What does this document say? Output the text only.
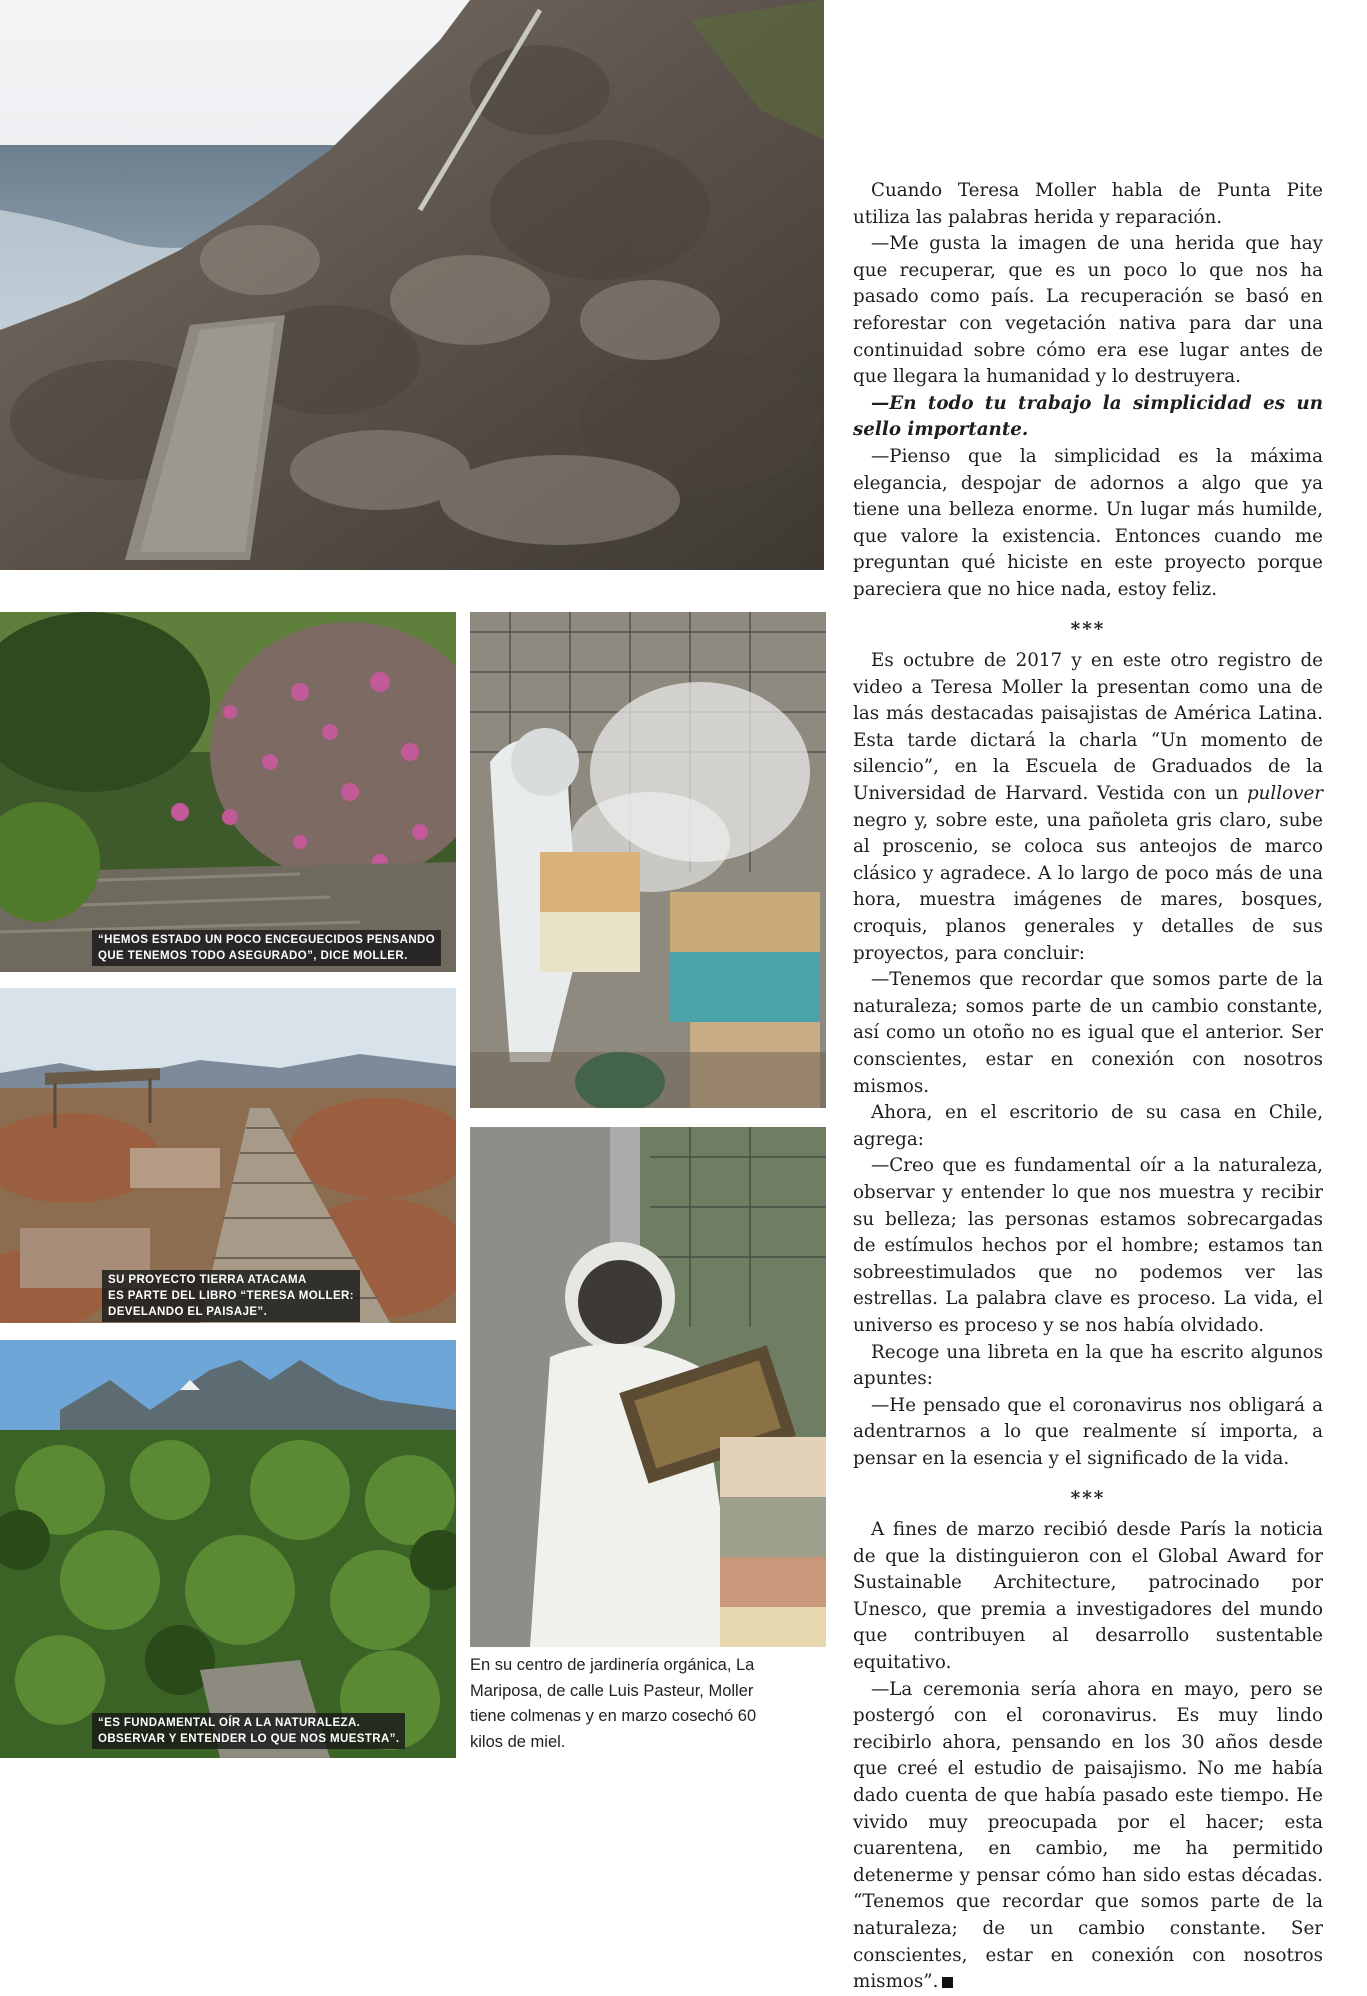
“HEMOS ESTADO UN POCO ENCEGUECIDOS PENSANDO
QUE TENEMOS TODO ASEGURADO”, DICE MOLLER.
SU PROYECTO TIERRA ATACAMA
ES PARTE DEL LIBRO “TERESA MOLLER:
DEVELANDO EL PAISAJE”.
“ES FUNDAMENTAL OÍR A LA NATURALEZA.
OBSERVAR Y ENTENDER LO QUE NOS MUESTRA”.
En su centro de jardinería orgánica, La
Mariposa, de calle Luis Pasteur, Moller
tiene colmenas y en marzo cosechó 60
kilos de miel.

Cuando Teresa Moller habla de Punta Pite utiliza las palabras herida y reparación.

—Me gusta la imagen de una herida que hay que recuperar, que es un poco lo que nos ha pasado como país. La recuperación se basó en reforestar con vegetación nativa para dar una continuidad sobre cómo era ese lugar antes de que llegara la humanidad y lo destruyera.

—En todo tu trabajo la simplicidad es un sello importante.

—Pienso que la simplicidad es la máxima elegancia, despojar de adornos a algo que ya tiene una belleza enorme. Un lugar más humilde, que valore la existencia. Entonces cuando me preguntan qué hiciste en este proyecto porque pareciera que no hice nada, estoy feliz.

***

Es octubre de 2017 y en este otro registro de video a Teresa Moller la presentan como una de las más destacadas paisajistas de América Latina. Esta tarde dictará la charla “Un momento de silencio”, en la Escuela de Graduados de la Universidad de Harvard. Vestida con un pullover negro y, sobre este, una pañoleta gris claro, sube al proscenio, se coloca sus anteojos de marco clásico y agradece. A lo largo de poco más de una hora, muestra imágenes de mares, bosques, croquis, planos generales y detalles de sus proyectos, para concluir:

—Tenemos que recordar que somos parte de la naturaleza; somos parte de un cambio constante, así como un otoño no es igual que el anterior. Ser conscientes, estar en conexión con nosotros mismos.

Ahora, en el escritorio de su casa en Chile, agrega:

—Creo que es fundamental oír a la naturaleza, observar y entender lo que nos muestra y recibir su belleza; las personas estamos sobrecargadas de estímulos hechos por el hombre; estamos tan sobreestimulados que no podemos ver las estrellas. La palabra clave es proceso. La vida, el universo es proceso y se nos había olvidado.

Recoge una libreta en la que ha escrito algunos apuntes:

—He pensado que el coronavirus nos obligará a adentrarnos a lo que realmente sí importa, a pensar en la esencia y el significado de la vida.

***

A fines de marzo recibió desde París la noticia de que la distinguieron con el Global Award for Sustainable Architecture, patrocinado por Unesco, que premia a investigadores del mundo que contribuyen al desarrollo sustentable equitativo.

—La ceremonia sería ahora en mayo, pero se postergó con el coronavirus. Es muy lindo recibirlo ahora, pensando en los 30 años desde que creé el estudio de paisajismo. No me había dado cuenta de que había pasado este tiempo. He vivido muy preocupada por el hacer; esta cuarentena, en cambio, me ha permitido detenerme y pensar cómo han sido estas décadas. “Tenemos que recordar que somos parte de la naturaleza; de un cambio constante. Ser conscientes, estar en conexión con nosotros mismos”.
